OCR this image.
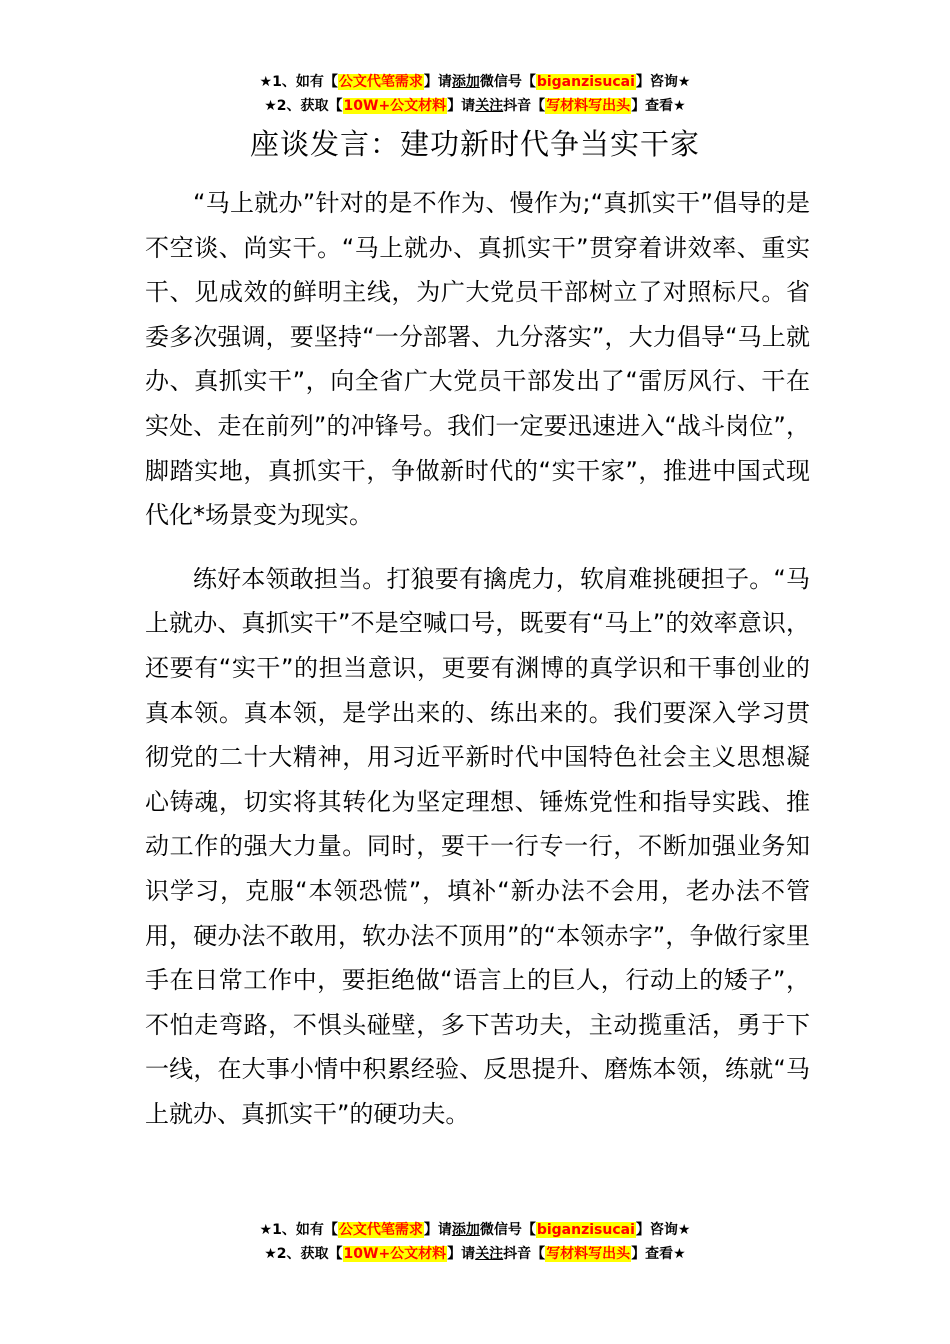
★1、如有【公文代笔需求】请添加微信号【biganzisucai】咨询★
★2、获取【10W+公文材料】请关注抖音【写材料写出头】查看★
座谈发言：建功新时代争当实干家

“马上就办”针对的是不作为、慢作为;“真抓实干”倡导的是不空谈、尚实干。“马上就办、真抓实干”贯穿着讲效率、重实干、见成效的鲜明主线，为广大党员干部树立了对照标尺。省委多次强调，要坚持“一分部署、九分落实”，大力倡导“马上就办、真抓实干”，向全省广大党员干部发出了“雷厉风行、干在实处、走在前列”的冲锋号。我们一定要迅速进入“战斗岗位”，脚踏实地，真抓实干，争做新时代的“实干家”，推进中国式现代化*场景变为现实。

练好本领敢担当。打狼要有擒虎力，软肩难挑硬担子。“马上就办、真抓实干”不是空喊口号，既要有“马上”的效率意识，还要有“实干”的担当意识，更要有渊博的真学识和干事创业的真本领。真本领，是学出来的、练出来的。我们要深入学习贯彻党的二十大精神，用习近平新时代中国特色社会主义思想凝心铸魂，切实将其转化为坚定理想、锤炼党性和指导实践、推动工作的强大力量。同时，要干一行专一行，不断加强业务知识学习，克服“本领恐慌”，填补“新办法不会用，老办法不管用，硬办法不敢用，软办法不顶用”的“本领赤字”，争做行家里手在日常工作中，要拒绝做“语言上的巨人，行动上的矮子”，不怕走弯路，不惧头碰壁，多下苦功夫，主动揽重活，勇于下一线，在大事小情中积累经验、反思提升、磨炼本领，练就“马上就办、真抓实干”的硬功夫。

★1、如有【公文代笔需求】请添加微信号【biganzisucai】咨询★
★2、获取【10W+公文材料】请关注抖音【写材料写出头】查看★
